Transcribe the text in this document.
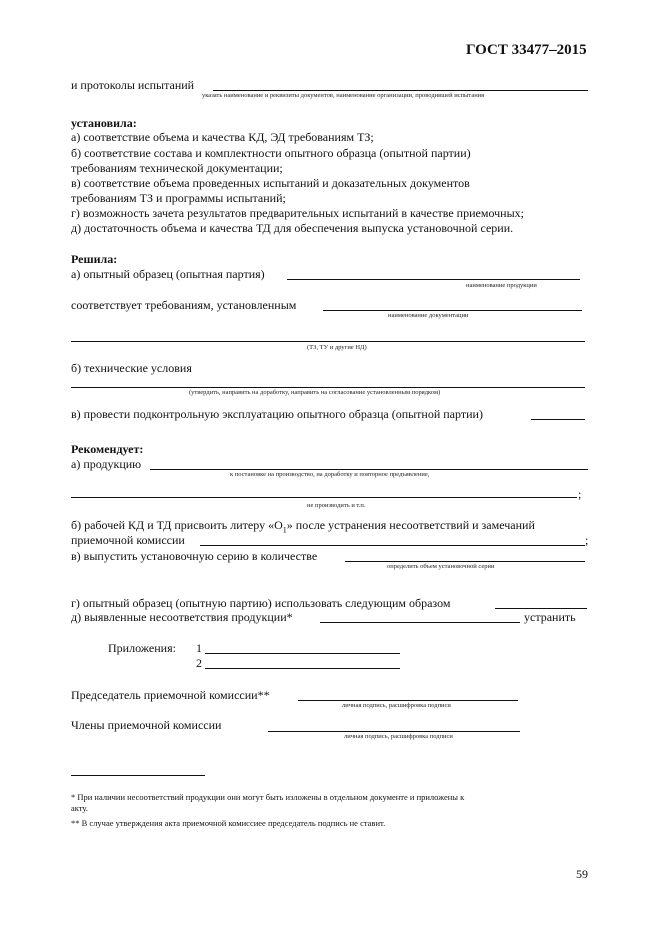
ГОСТ 33477–2015
и протоколы испытаний
указать наименование и реквизиты документов, наименование организации, проводившей испытания
установила:
а) соответствие объема и качества КД, ЭД требованиям ТЗ;
б) соответствие состава и комплектности опытного образца (опытной партии)
требованиям технической документации;
в) соответствие объема проведенных испытаний и доказательных документов
требованиям ТЗ и программы испытаний;
г) возможность зачета результатов предварительных испытаний в качестве приемочных;
д) достаточность объема и качества ТД для обеспечения выпуска установочной серии.
Решила:
а) опытный образец (опытная партия)
наименование продукции
соответствует требованиям, установленным
наименование документации
(ТЗ, ТУ и другие НД)
б) технические условия
(утвердить, направить на доработку, направить на согласование установленным порядком)
в) провести подконтрольную эксплуатацию опытного образца (опытной партии)
Рекомендует:
а) продукцию
к постановке на производство, на доработку и повторное предъявление,
;
не производить и т.п.
б) рабочей КД и ТД присвоить литеру «$О_1$» после устранения несоответствий и замечаний
приемочной комиссии	;
в) выпустить установочную серию в количестве
определить объем установочной серии
г) опытный образец (опытную партию) использовать следующим образом
д) выявленные несоответствия продукции*	устранить
Приложения: 1
2
Председатель приемочной комиссии**
личная подпись, расшифровка подписи
Члены приемочной комиссии
личная подпись, расшифровка подписи
* При наличии несоответствий продукции они могут быть изложены в отдельном документе и приложены к
акту.
** В случае утверждения акта приемочной комиссиее председатель подпись не ставит.
59
